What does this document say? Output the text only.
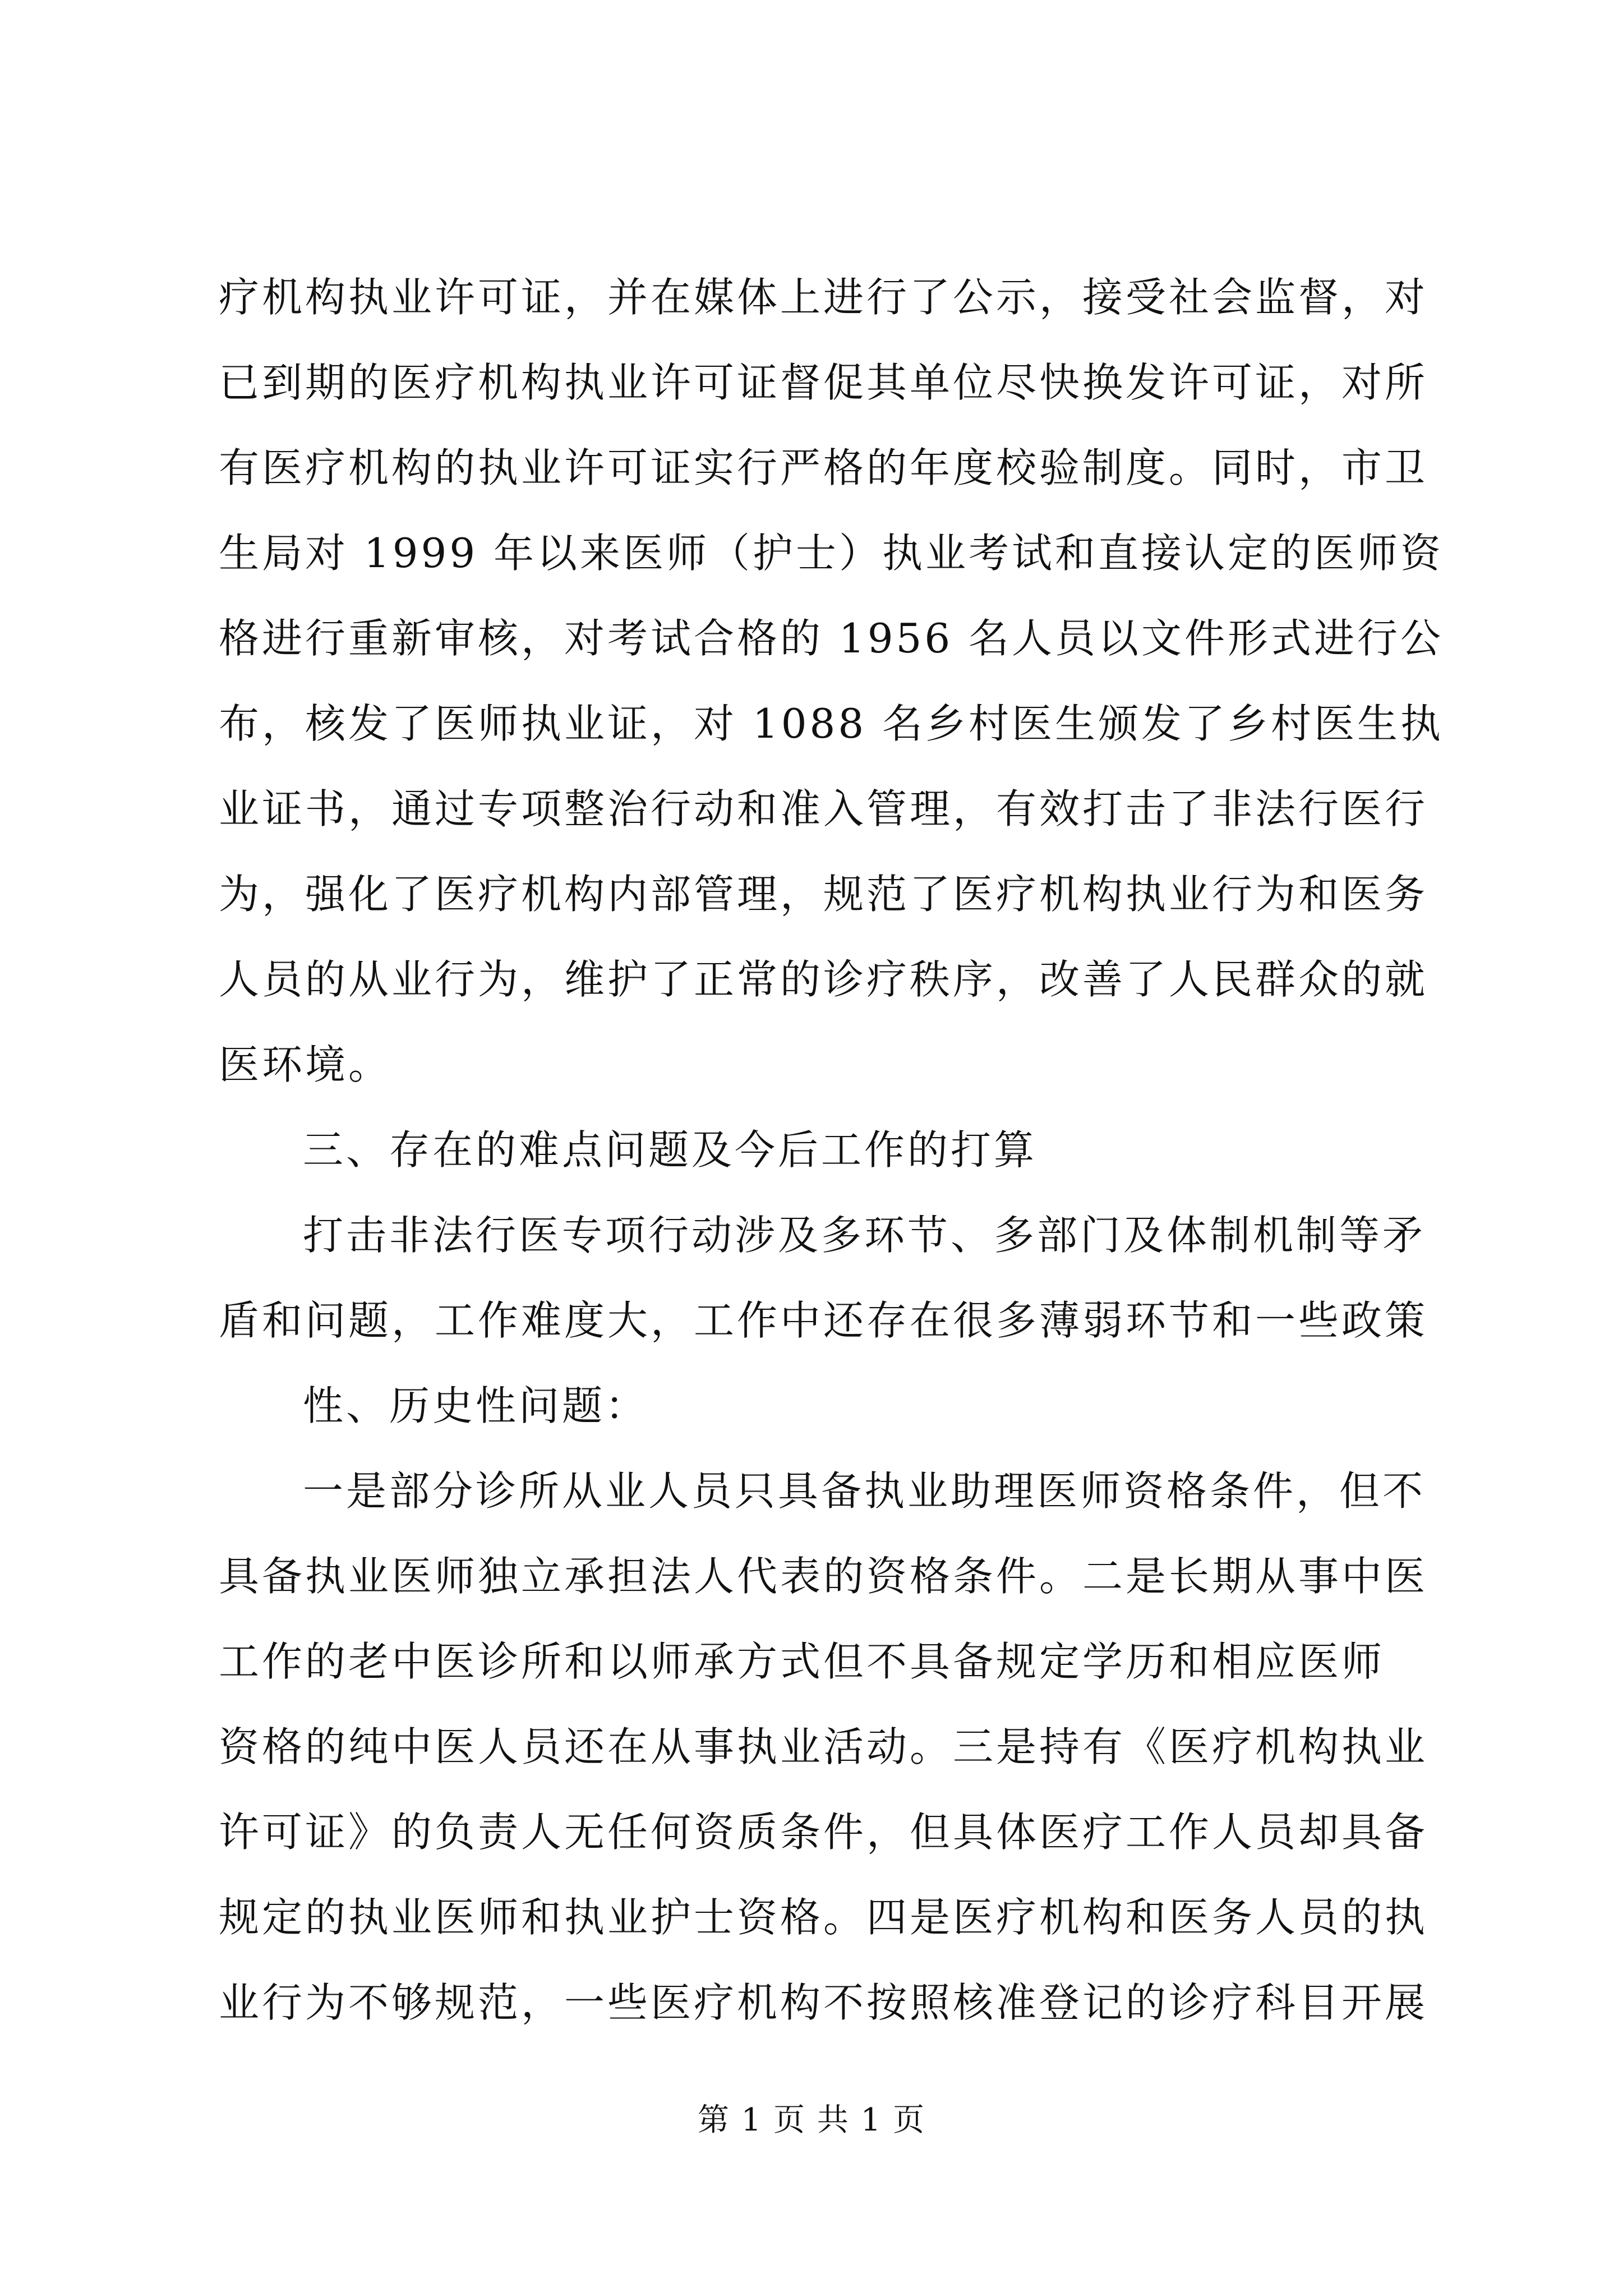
疗机构执业许可证，并在媒体上进行了公示，接受社会监督，对
已到期的医疗机构执业许可证督促其单位尽快换发许可证，对所
有医疗机构的执业许可证实行严格的年度校验制度。同时，市卫
生局对 1999 年以来医师（护士）执业考试和直接认定的医师资
格进行重新审核，对考试合格的 1956 名人员以文件形式进行公
布，核发了医师执业证，对 1088 名乡村医生颁发了乡村医生执
业证书，通过专项整治行动和准入管理，有效打击了非法行医行
为，强化了医疗机构内部管理，规范了医疗机构执业行为和医务
人员的从业行为，维护了正常的诊疗秩序，改善了人民群众的就
医环境。
三、存在的难点问题及今后工作的打算
打击非法行医专项行动涉及多环节、多部门及体制机制等矛
盾和问题，工作难度大，工作中还存在很多薄弱环节和一些政策
性、历史性问题：
一是部分诊所从业人员只具备执业助理医师资格条件，但不
具备执业医师独立承担法人代表的资格条件。二是长期从事中医
工作的老中医诊所和以师承方式但不具备规定学历和相应医师
资格的纯中医人员还在从事执业活动。三是持有《医疗机构执业
许可证》的负责人无任何资质条件，但具体医疗工作人员却具备
规定的执业医师和执业护士资格。四是医疗机构和医务人员的执
业行为不够规范，一些医疗机构不按照核准登记的诊疗科目开展
第 1 页 共 1 页
